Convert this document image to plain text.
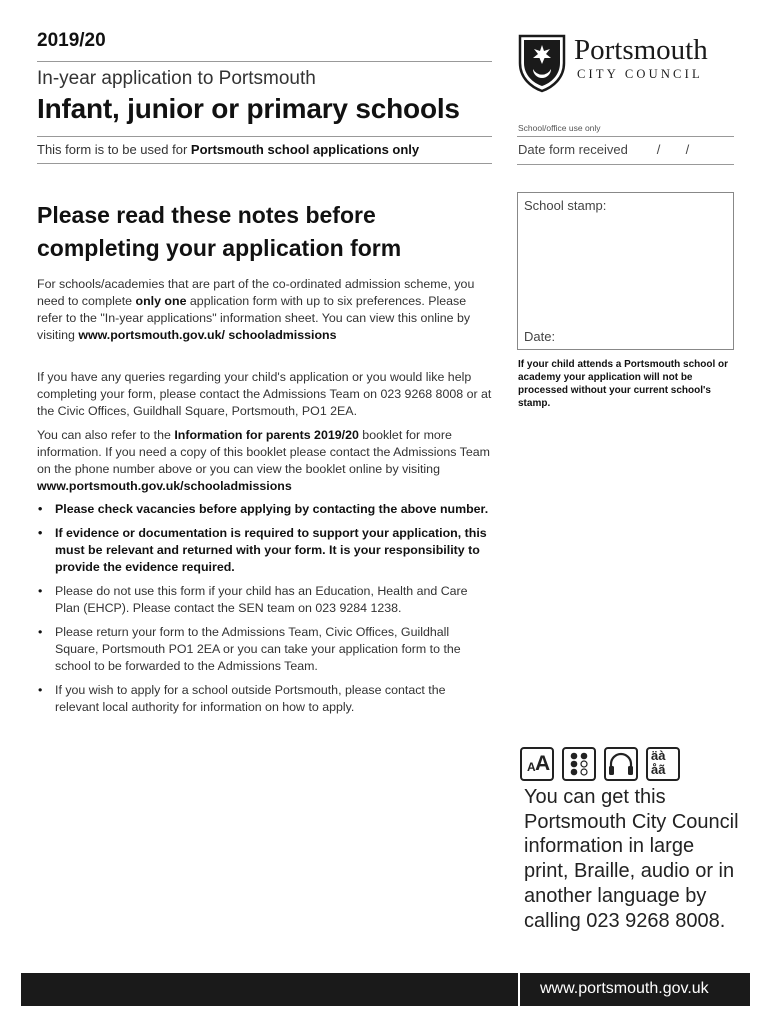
2019/20
In-year application to Portsmouth
Infant, junior or primary schools
This form is to be used for Portsmouth school applications only
Portsmouth
CITY COUNCIL
School/office use only
Date form received        /       /
School stamp:
Date:
If your child attends a Portsmouth school or academy your application will not be processed without your current school's stamp.
Please read these notes before completing your application form
For schools/academies that are part of the co-ordinated admission scheme, you need to complete only one application form with up to six preferences. Please refer to the "In-year applications" information sheet. You can view this online by visiting www.portsmouth.gov.uk/ schooladmissions
If you have any queries regarding your child's application or you would like help completing your form, please contact the Admissions Team on 023 9268 8008 or at the Civic Offices, Guildhall Square, Portsmouth, PO1 2EA.
You can also refer to the Information for parents 2019/20 booklet for more information. If you need a copy of this booklet please contact the Admissions Team on the phone number above or you can view the booklet online by visiting www.portsmouth.gov.uk/schooladmissions
• Please check vacancies before applying by contacting the above number.
• If evidence or documentation is required to support your application, this must be relevant and returned with your form. It is your responsibility to provide the evidence required.
• Please do not use this form if your child has an Education, Health and Care Plan (EHCP). Please contact the SEN team on 023 9284 1238.
• Please return your form to the Admissions Team, Civic Offices, Guildhall Square, Portsmouth PO1 2EA or you can take your application form to the school to be forwarded to the Admissions Team.
• If you wish to apply for a school outside Portsmouth, please contact the relevant local authority for information on how to apply.
A A	äà
åã
You can get this Portsmouth City Council information in large print, Braille, audio or in another language by calling 023 9268 8008.
www.portsmouth.gov.uk
